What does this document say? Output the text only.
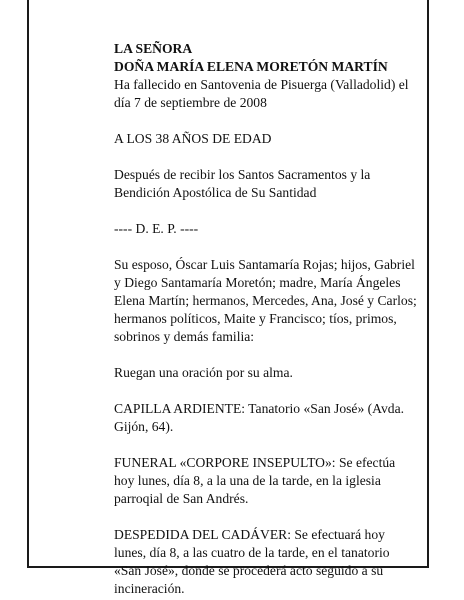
LA SEÑORA

DOÑA MARÍA ELENA MORETÓN MARTÍN

Ha fallecido en Santovenia de Pisuerga (Valladolid) el día 7 de septiembre de 2008

A LOS 38 AÑOS DE EDAD

Después de recibir los Santos Sacramentos y la Bendición Apostólica de Su Santidad

---- D. E. P. ----

Su esposo, Óscar Luis Santamaría Rojas; hijos, Gabriel y Diego Santamaría Moretón; madre, María Ángeles Elena Martín; hermanos, Mercedes, Ana, José y Carlos; hermanos políticos, Maite y Francisco; tíos, primos, sobrinos y demás familia:

Ruegan una oración por su alma.

CAPILLA ARDIENTE: Tanatorio «San José» (Avda. Gijón, 64).

FUNERAL «CORPORE INSEPULTO»: Se efectúa hoy lunes, día 8, a la una de la tarde, en la iglesia parroqial de San Andrés.

DESPEDIDA DEL CADÁVER: Se efectuará hoy lunes, día 8, a las cuatro de la tarde, en el tanatorio «San José», donde se procederá acto seguido a su incineración.
